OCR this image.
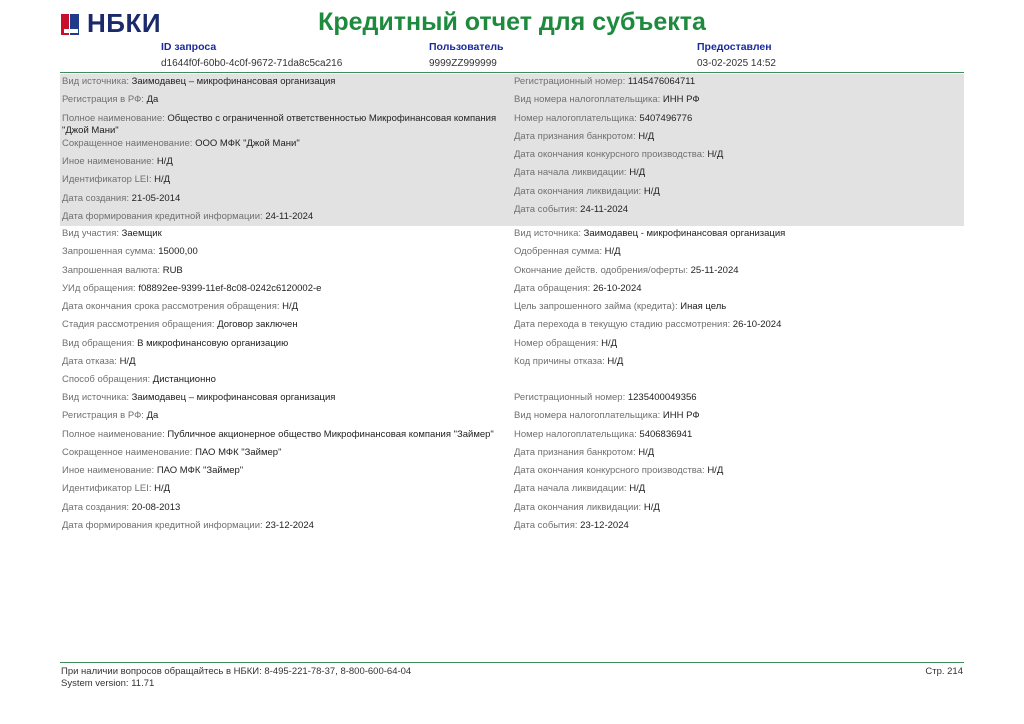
НБКИ	Кредитный отчет для субъекта
ID запроса
d1644f0f-60b0-4c0f-9672-71da8c5ca216
Пользователь
9999ZZ999999
Предоставлен
03-02-2025 14:52
Вид источника: Заимодавец – микрофинансовая организация
Регистрация в РФ: Да
Полное наименование: Общество с ограниченной ответственностью Микрофинансовая компания "Джой Мани"
Сокращенное наименование: ООО МФК "Джой Мани"
Иное наименование: Н/Д
Идентификатор LEI: Н/Д
Дата создания: 21-05-2014
Дата формирования кредитной информации: 24-11-2024
Регистрационный номер: 1145476064711
Вид номера налогоплательщика: ИНН РФ
Номер налогоплательщика: 5407496776
Дата признания банкротом: Н/Д
Дата окончания конкурсного производства: Н/Д
Дата начала ликвидации: Н/Д
Дата окончания ликвидации: Н/Д
Дата события: 24-11-2024
Вид участия: Заемщик
Запрошенная сумма: 15000,00
Запрошенная валюта: RUB
УИд обращения: f08892ee-9399-11ef-8c08-0242c6120002-e
Дата окончания срока рассмотрения обращения: Н/Д
Стадия рассмотрения обращения: Договор заключен
Вид обращения: В микрофинансовую организацию
Дата отказа: Н/Д
Способ обращения: Дистанционно
Вид источника: Заимодавец - микрофинансовая организация
Одобренная сумма: Н/Д
Окончание действ. одобрения/оферты: 25-11-2024
Дата обращения: 26-10-2024
Цель запрошенного займа (кредита): Иная цель
Дата перехода в текущую стадию рассмотрения: 26-10-2024
Номер обращения: Н/Д
Код причины отказа: Н/Д
Вид источника: Заимодавец – микрофинансовая организация
Регистрация в РФ: Да
Полное наименование: Публичное акционерное общество Микрофинансовая компания "Займер"
Сокращенное наименование: ПАО МФК "Займер"
Иное наименование: ПАО МФК "Займер"
Идентификатор LEI: Н/Д
Дата создания: 20-08-2013
Дата формирования кредитной информации: 23-12-2024
Регистрационный номер: 1235400049356
Вид номера налогоплательщика: ИНН РФ
Номер налогоплательщика: 5406836941
Дата признания банкротом: Н/Д
Дата окончания конкурсного производства: Н/Д
Дата начала ликвидации: Н/Д
Дата окончания ликвидации: Н/Д
Дата события: 23-12-2024
При наличии вопросов обращайтесь в НБКИ: 8-495-221-78-37, 8-800-600-64-04
System version: 11.71
Стр. 214
